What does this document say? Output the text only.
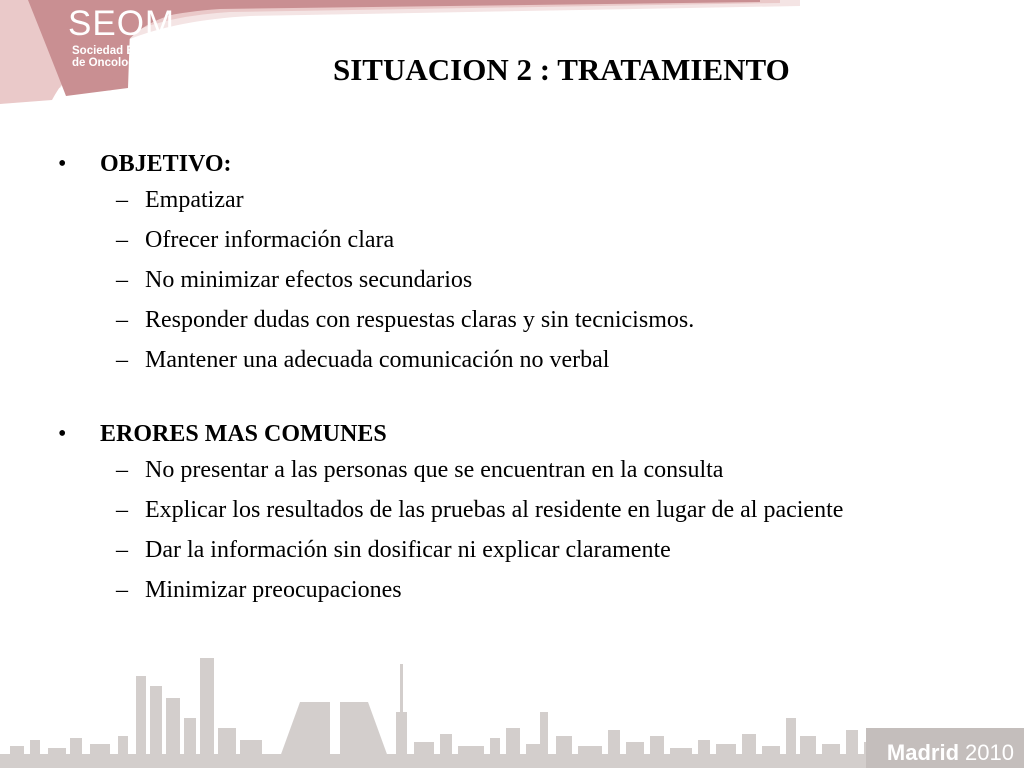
SEOM
Sociedad Española
de Oncología Médica	SITUACION 2 : TRATAMIENTO
• OBJETIVO:
– Empatizar
– Ofrecer información clara
– No minimizar efectos secundarios
– Responder dudas con respuestas claras y sin tecnicismos.
– Mantener una adecuada comunicación no verbal
• ERORES MAS COMUNES
– No presentar a las personas que se encuentran en la consulta
– Explicar los resultados de las pruebas al residente en lugar de al paciente
– Dar la información sin dosificar ni explicar claramente
– Minimizar preocupaciones
Madrid 2010
